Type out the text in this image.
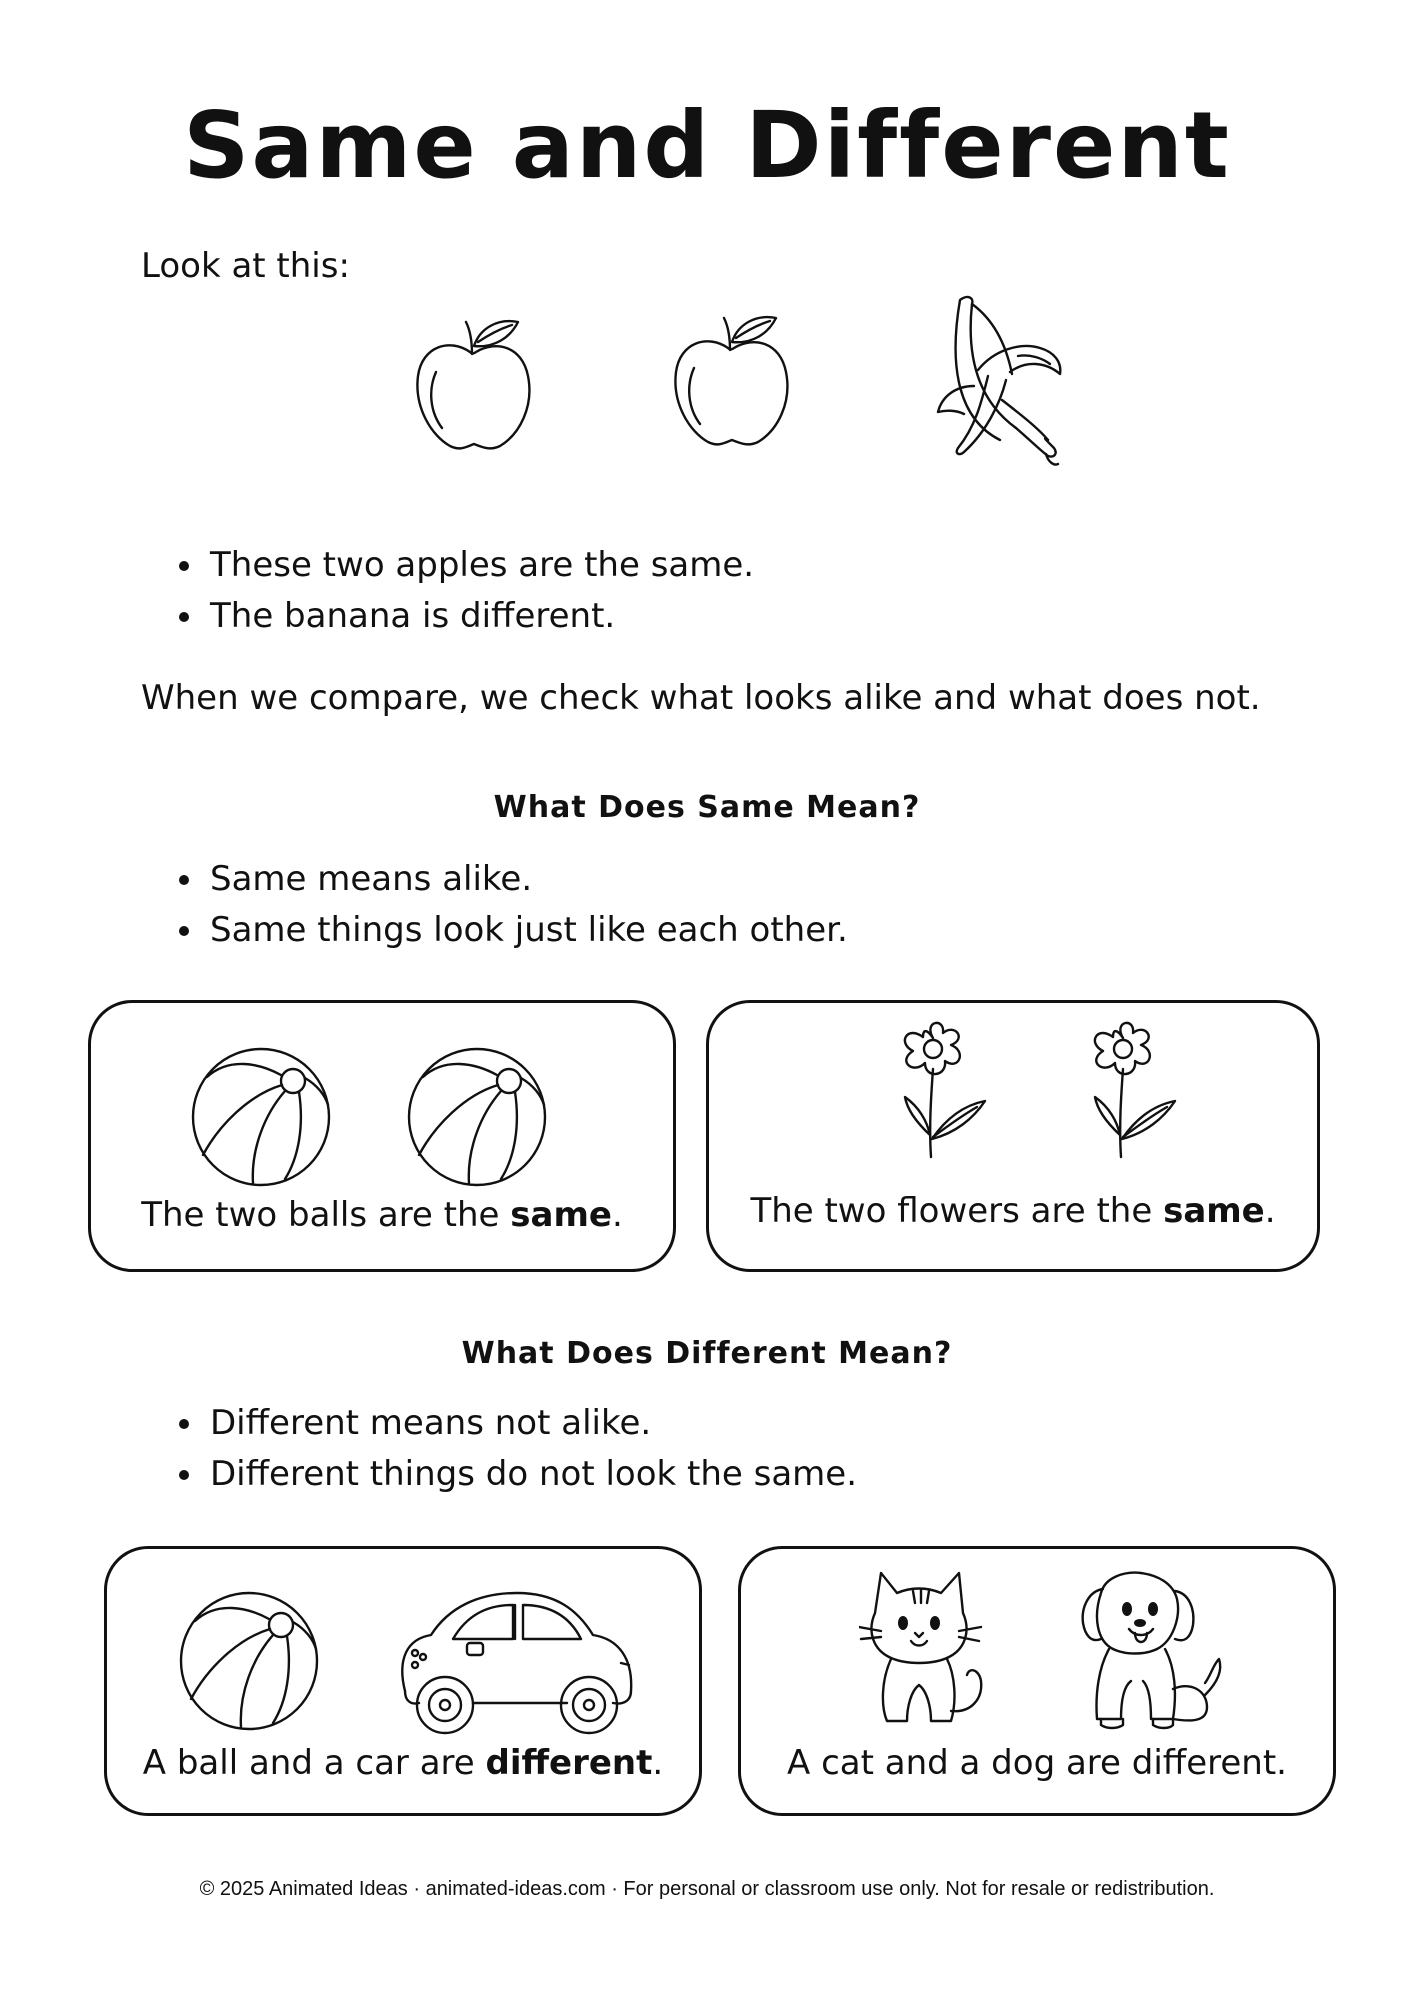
Same and Different
Look at this:
• These two apples are the same.
• The banana is different.
When we compare, we check what looks alike and what does not.
What Does Same Mean?
• Same means alike.
• Same things look just like each other.
The two balls are the same.	The two flowers are the same.
What Does Different Mean?
• Different means not alike.
• Different things do not look the same.
A ball and a car are different.	A cat and a dog are different.
© 2025 Animated Ideas · animated-ideas.com · For personal or classroom use only. Not for resale or redistribution.
